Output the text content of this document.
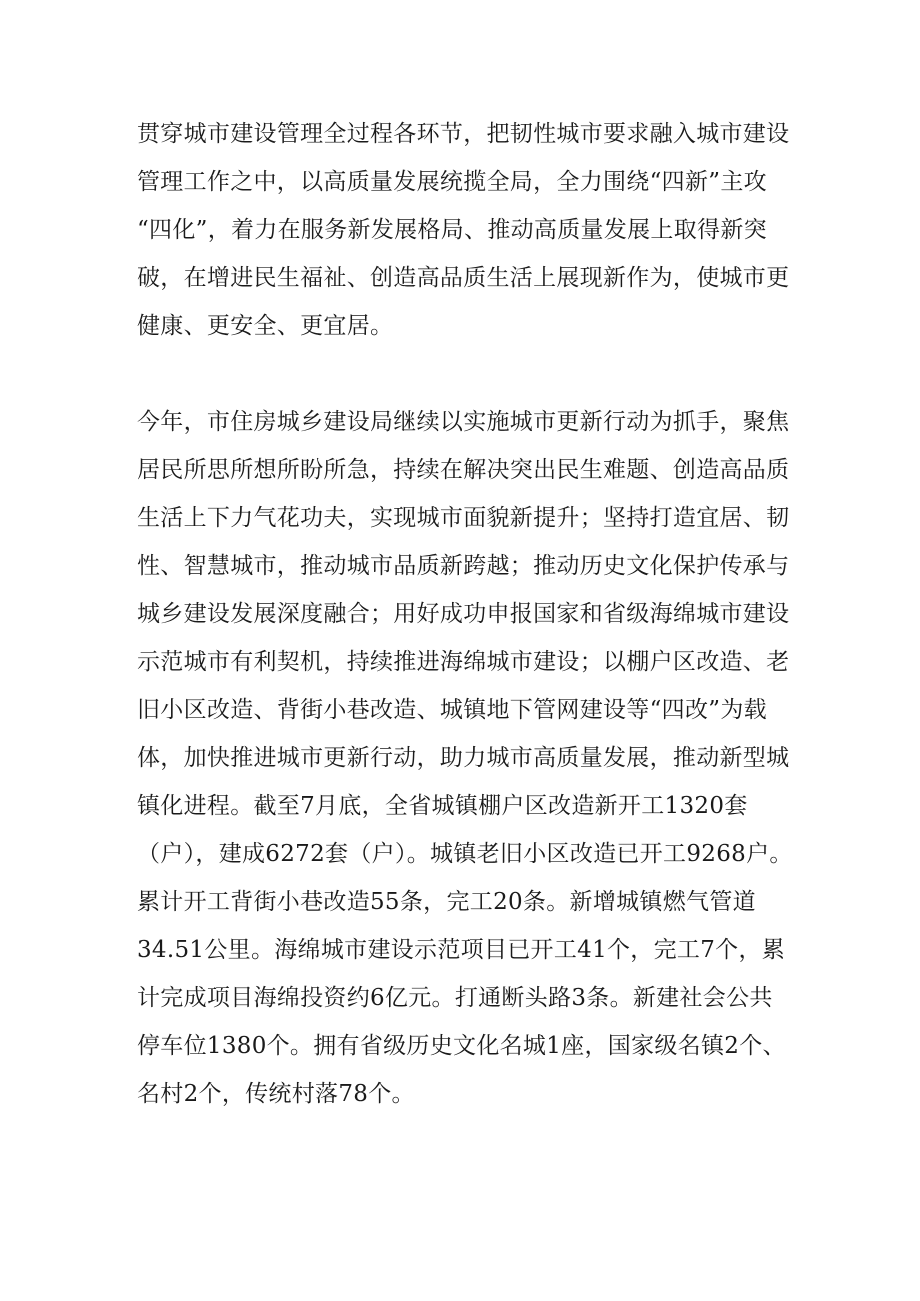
贯穿城市建设管理全过程各环节，把韧性城市要求融入城市建设
管理工作之中，以高质量发展统揽全局，全力围绕“四新”主攻
“四化”，着力在服务新发展格局、推动高质量发展上取得新突
破，在增进民生福祉、创造高品质生活上展现新作为，使城市更
健康、更安全、更宜居。
今年，市住房城乡建设局继续以实施城市更新行动为抓手，聚焦
居民所思所想所盼所急，持续在解决突出民生难题、创造高品质
生活上下力气花功夫，实现城市面貌新提升；坚持打造宜居、韧
性、智慧城市，推动城市品质新跨越；推动历史文化保护传承与
城乡建设发展深度融合；用好成功申报国家和省级海绵城市建设
示范城市有利契机，持续推进海绵城市建设；以棚户区改造、老
旧小区改造、背街小巷改造、城镇地下管网建设等“四改”为载
体，加快推进城市更新行动，助力城市高质量发展，推动新型城
镇化进程。截至7月底，全省城镇棚户区改造新开工1320套
（户），建成6272套（户）。城镇老旧小区改造已开工9268户。
累计开工背街小巷改造55条，完工20条。新增城镇燃气管道
34.51公里。海绵城市建设示范项目已开工41个，完工7个，累
计完成项目海绵投资约6亿元。打通断头路3条。新建社会公共
停车位1380个。拥有省级历史文化名城1座，国家级名镇2个、
名村2个，传统村落78个。
